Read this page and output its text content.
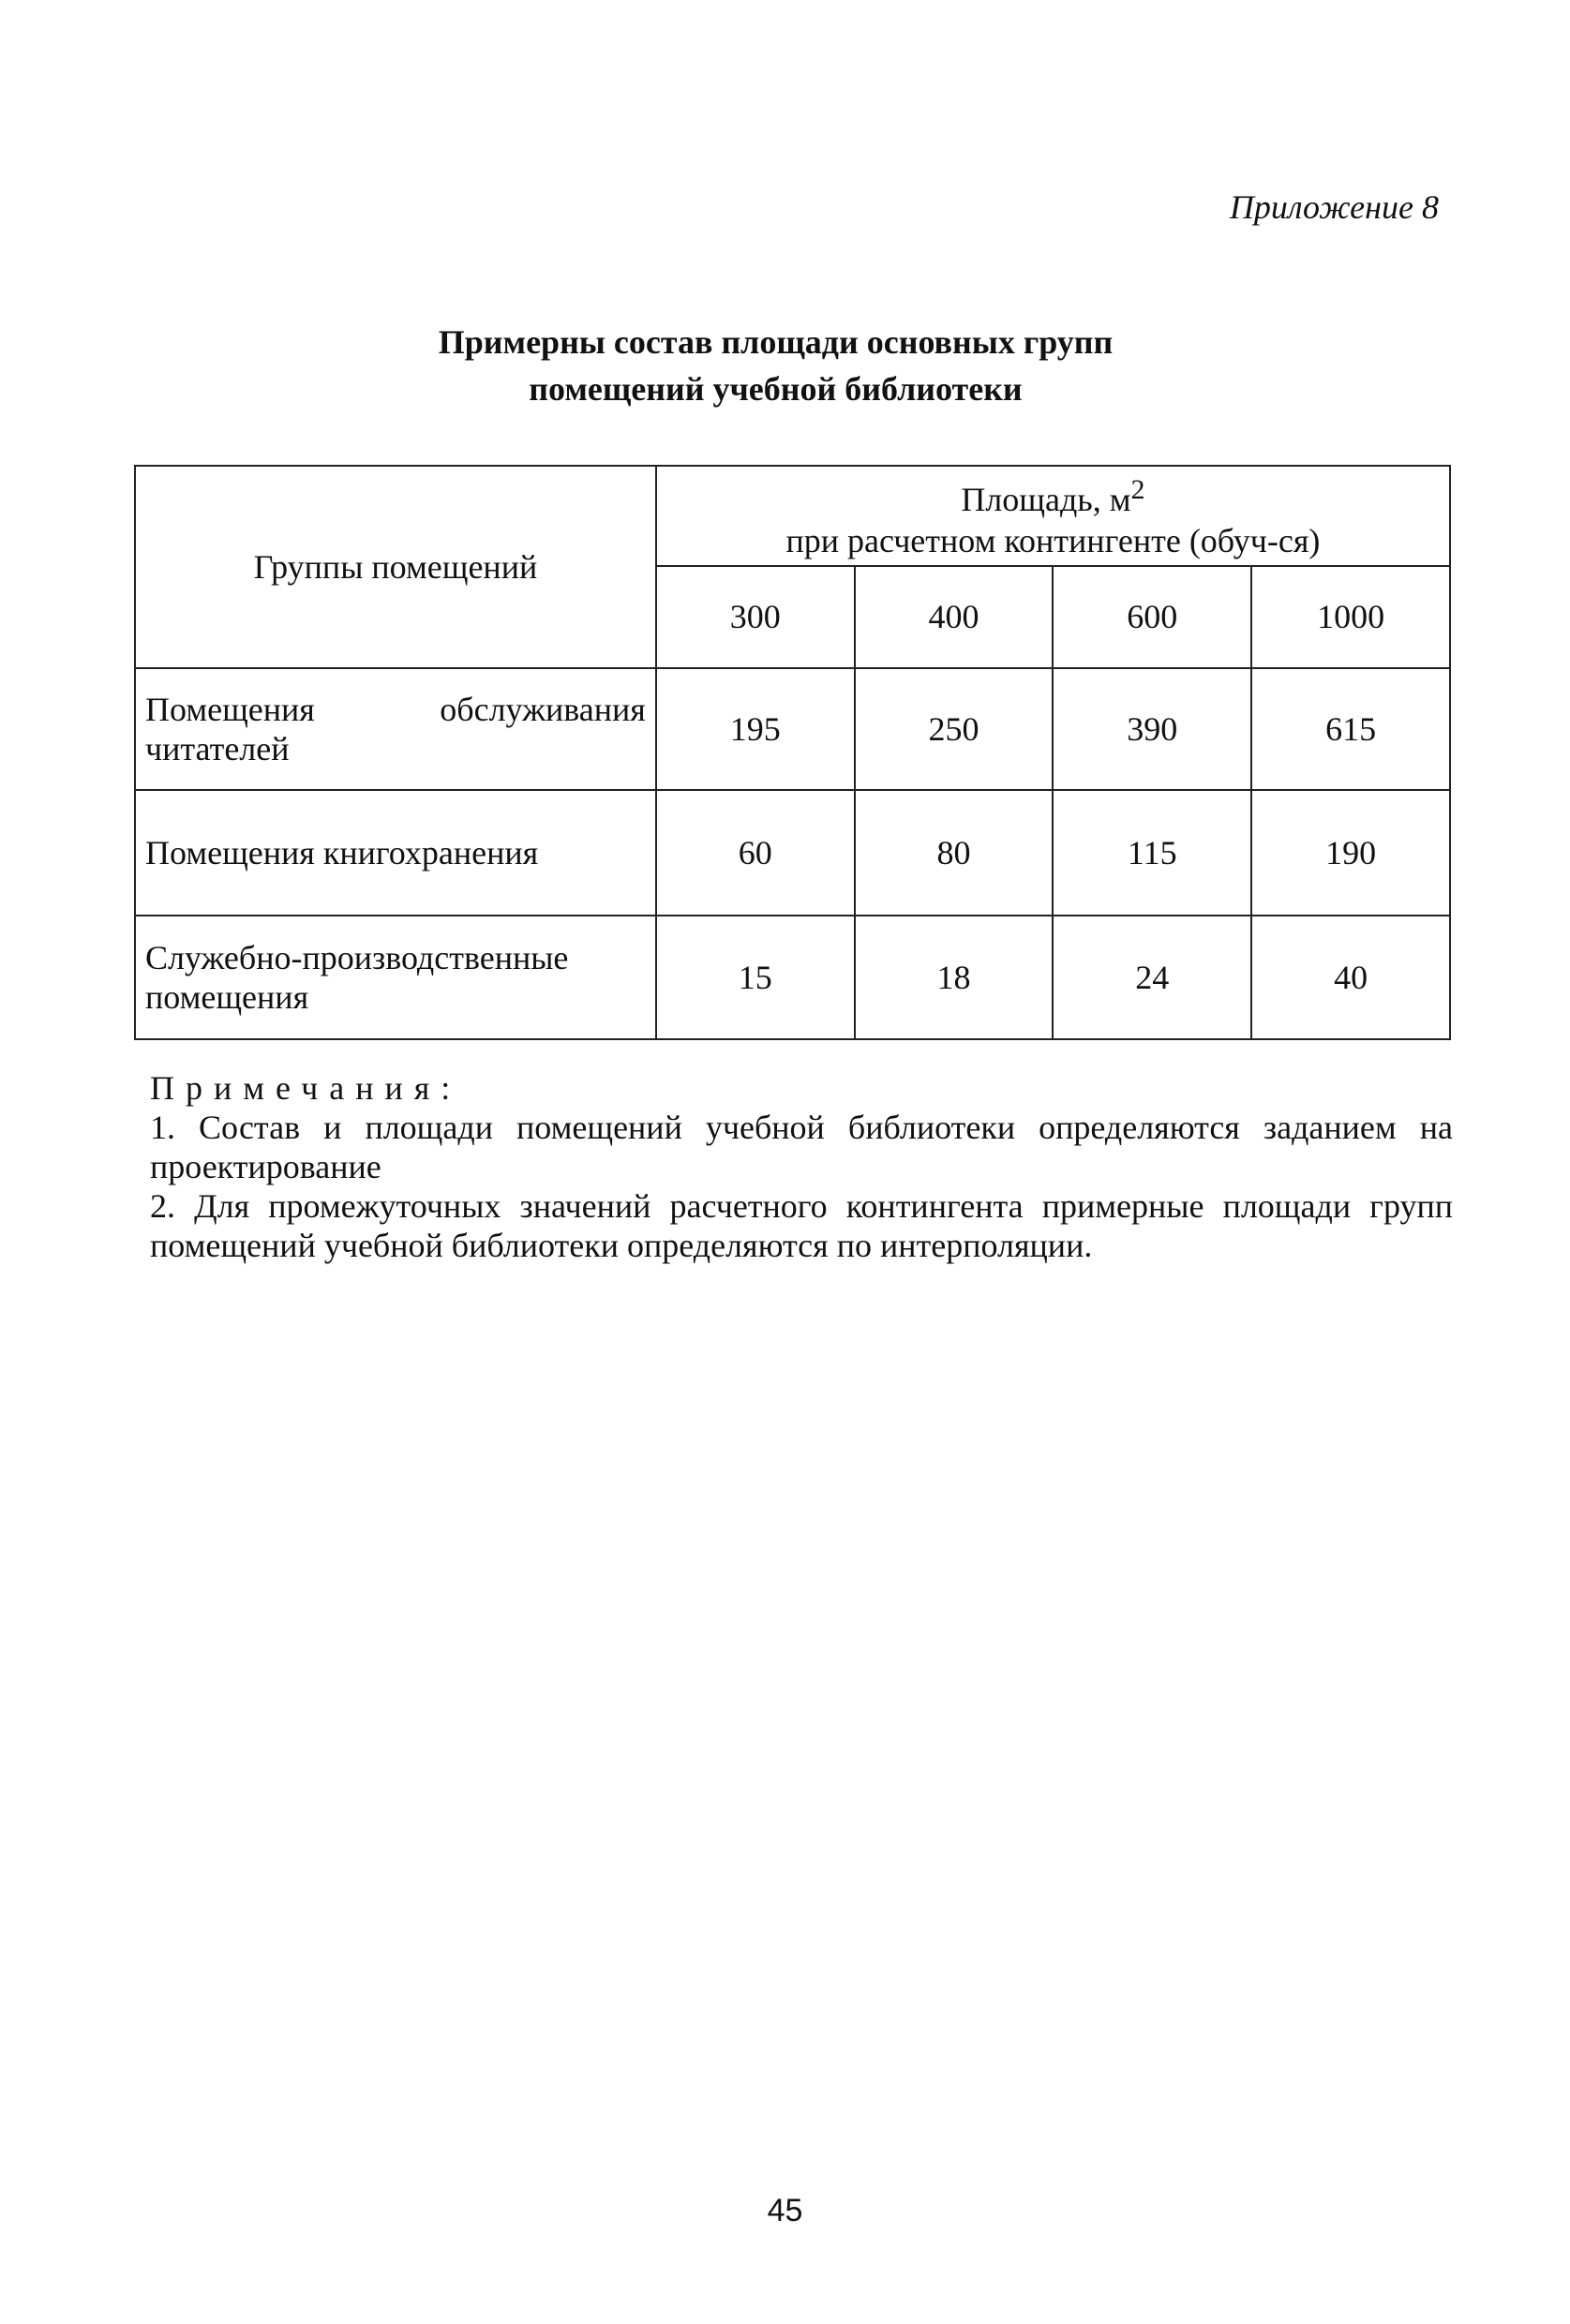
Приложение 8
Примерны состав площади основных групп
помещений учебной библиотеки
Группы помещений	Площадь, $м^2$
при расчетном контингенте (обуч-ся)			
	300	400	600	1000
Помещения обслуживания читателей	195	250	390	615
Помещения книгохранения	60	80	115	190
Служебно-производственные помещения	15	18	24	40
Примечания:

1. Состав и площади помещений учебной библиотеки определяются заданием на проектирование

2. Для промежуточных значений расчетного контингента примерные площади групп помещений учебной библиотеки определяются по интерполяции.

45
